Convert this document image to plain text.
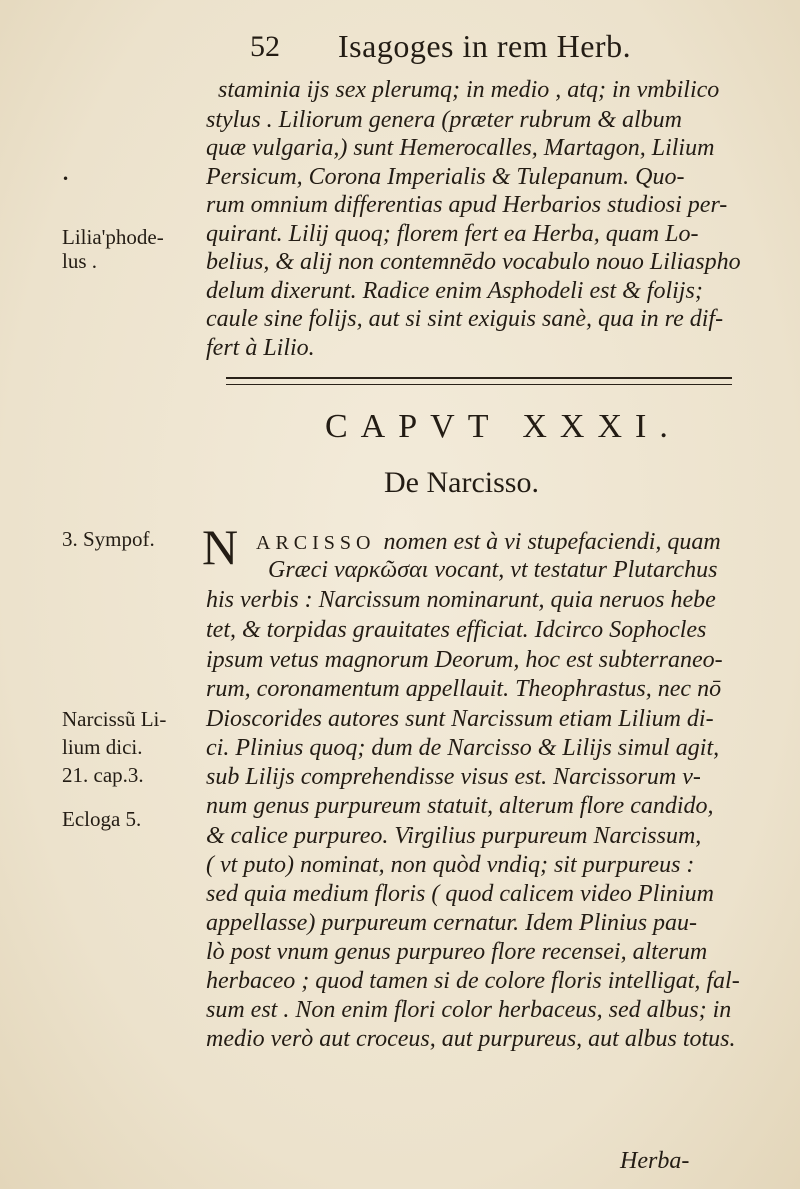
52 Isagoges in rem Herb.
staminia ijs sex plerumq; in medio , atq; in vmbilico
stylus . Liliorum genera (præter rubrum & album
quæ vulgaria,) sunt Hemerocalles, Martagon, Lilium
Persicum, Corona Imperialis & Tulepanum. Quo-
rum omnium differentias apud Herbarios studiosi per-
quirant. Lilij quoq; florem fert ea Herba, quam Lo-
belius, & alij non contemnēdo vocabulo nouo Liliasphо
delum dixerunt. Radice enim Asphodeli est & folijs;
caule sine folijs, aut si sint exiguis sanè, qua in re dif-
fert à Lilio.
•
Lilia'phode-
lus .
3. Sympof.
Narcissũ Li-
lium dici.
21. cap.3.
Ecloga 5.
CAPVT XXXI.
De Narcisso.
N ARCISSO nomen est à vi stupefaciendi, quam
Græci ναρκῶσαι vocant, vt testatur Plutarchus
his verbis : Narcissum nominarunt, quia neruos hebe
tet, & torpidas grauitates efficiat. Idcirco Sophocles
ipsum vetus magnorum Deorum, hoc est subterraneo-
rum, coronamentum appellauit. Theophrastus, nec nō
Dioscorides autores sunt Narcissum etiam Lilium di-
ci. Plinius quoq; dum de Narcisso & Lilijs simul agit,
sub Lilijs comprehendisse visus est. Narcissorum v-
num genus purpureum statuit, alterum flore candido,
& calice purpureo. Virgilius purpureum Narcissum,
( vt puto) nominat, non quòd vndiq; sit purpureus :
sed quia medium floris ( quod calicem video Plinium
appellasse) purpureum cernatur. Idem Plinius pau-
lò post vnum genus purpureo flore recensei, alterum
herbaceo ; quod tamen si de colore floris intelligat, fal-
sum est . Non enim flori color herbaceus, sed albus; in
medio verò aut croceus, aut purpureus, aut albus totus.
Herba-
